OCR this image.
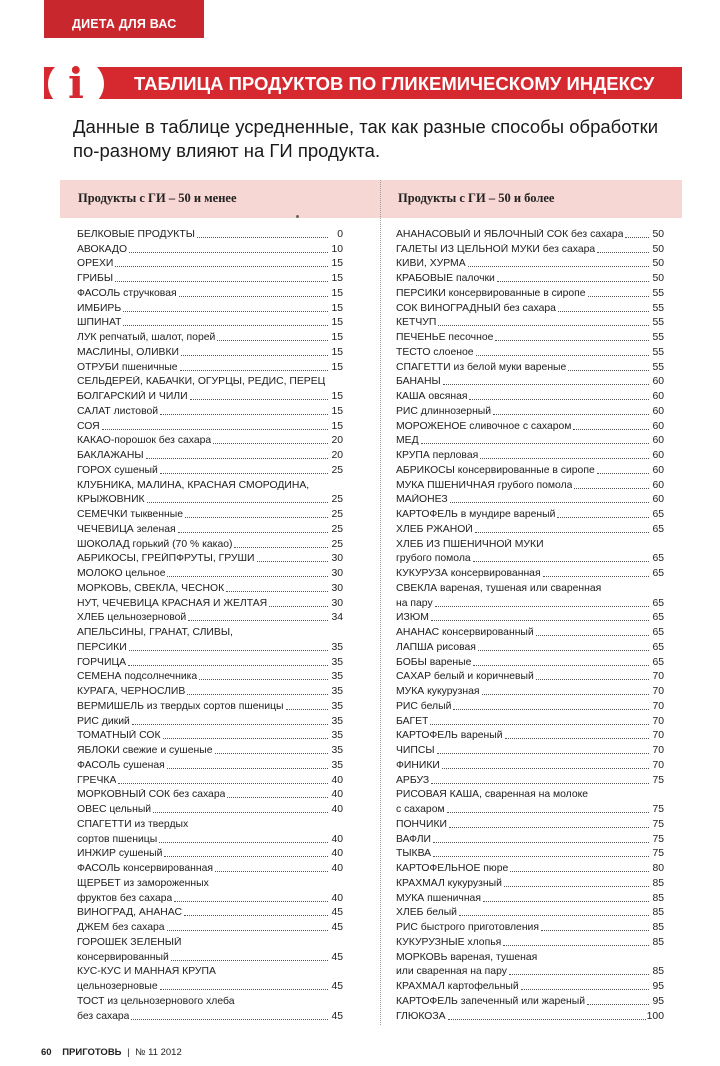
ДИЕТА ДЛЯ ВАС
i	ТАБЛИЦА ПРОДУКТОВ ПО ГЛИКЕМИЧЕСКОМУ ИНДЕКСУ
Данные в таблице усредненные, так как разные способы обработки по-разному влияют на ГИ продукта.
Продукты с ГИ – 50 и менее	Продукты с ГИ – 50 и более
БЕЛКОВЫЕ ПРОДУКТЫ	0
АВОКАДО	10
ОРЕХИ	15
ГРИБЫ	15
ФАСОЛЬ стручковая	15
ИМБИРЬ	15
ШПИНАТ	15
ЛУК репчатый, шалот, порей	15
МАСЛИНЫ, ОЛИВКИ	15
ОТРУБИ пшеничные	15
СЕЛЬДЕРЕЙ, КАБАЧКИ, ОГУРЦЫ, РЕДИС, ПЕРЕЦ
БОЛГАРСКИЙ И ЧИЛИ	15
САЛАТ листовой	15
СОЯ	15
КАКАО-порошок без сахара	20
БАКЛАЖАНЫ	20
ГОРОХ сушеный	25
КЛУБНИКА, МАЛИНА, КРАСНАЯ СМОРОДИНА,
КРЫЖОВНИК	25
СЕМЕЧКИ тыквенные	25
ЧЕЧЕВИЦА зеленая	25
ШОКОЛАД горький (70 % какао)	25
АБРИКОСЫ, ГРЕЙПФРУТЫ, ГРУШИ	30
МОЛОКО цельное	30
МОРКОВЬ, СВЕКЛА, ЧЕСНОК	30
НУТ, ЧЕЧЕВИЦА КРАСНАЯ И ЖЕЛТАЯ	30
ХЛЕБ цельнозерновой	34
АПЕЛЬСИНЫ, ГРАНАТ, СЛИВЫ,
ПЕРСИКИ	35
ГОРЧИЦА	35
СЕМЕНА подсолнечника	35
КУРАГА, ЧЕРНОСЛИВ	35
ВЕРМИШЕЛЬ из твердых сортов пшеницы	35
РИС дикий	35
ТОМАТНЫЙ СОК	35
ЯБЛОКИ свежие и сушеные	35
ФАСОЛЬ сушеная	35
ГРЕЧКА	40
МОРКОВНЫЙ СОК без сахара	40
ОВЕС цельный	40
СПАГЕТТИ из твердых
сортов пшеницы	40
ИНЖИР сушеный	40
ФАСОЛЬ консервированная	40
ЩЕРБЕТ из замороженных
фруктов без сахара	40
ВИНОГРАД, АНАНАС	45
ДЖЕМ без сахара	45
ГОРОШЕК ЗЕЛЕНЫЙ
консервированный	45
КУС-КУС И МАННАЯ КРУПА
цельнозерновые	45
ТОСТ из цельнозернового хлеба
без сахара	45
АНАНАСОВЫЙ И ЯБЛОЧНЫЙ СОК без сахара	50
ГАЛЕТЫ ИЗ ЦЕЛЬНОЙ МУКИ без сахара	50
КИВИ, ХУРМА	50
КРАБОВЫЕ палочки	50
ПЕРСИКИ консервированные в сиропе	55
СОК ВИНОГРАДНЫЙ без сахара	55
КЕТЧУП	55
ПЕЧЕНЬЕ песочное	55
ТЕСТО слоеное	55
СПАГЕТТИ из белой муки вареные	55
БАНАНЫ	60
КАША овсяная	60
РИС длиннозерный	60
МОРОЖЕНОЕ сливочное с сахаром	60
МЕД	60
КРУПА перловая	60
АБРИКОСЫ консервированные в сиропе	60
МУКА ПШЕНИЧНАЯ грубого помола	60
МАЙОНЕЗ	60
КАРТОФЕЛЬ в мундире вареный	65
ХЛЕБ РЖАНОЙ	65
ХЛЕБ ИЗ ПШЕНИЧНОЙ МУКИ
грубого помола	65
КУКУРУЗА консервированная	65
СВЕКЛА вареная, тушеная или сваренная
на пару	65
ИЗЮМ	65
АНАНАС консервированный	65
ЛАПША рисовая	65
БОБЫ вареные	65
САХАР белый и коричневый	70
МУКА кукурузная	70
РИС белый	70
БАГЕТ	70
КАРТОФЕЛЬ вареный	70
ЧИПСЫ	70
ФИНИКИ	70
АРБУЗ	75
РИСОВАЯ КАША, сваренная на молоке
с сахаром	75
ПОНЧИКИ	75
ВАФЛИ	75
ТЫКВА	75
КАРТОФЕЛЬНОЕ пюре	80
КРАХМАЛ кукурузный	85
МУКА пшеничная	85
ХЛЕБ белый	85
РИС быстрого приготовления	85
КУКУРУЗНЫЕ хлопья	85
МОРКОВЬ вареная, тушеная
или сваренная на пару	85
КРАХМАЛ картофельный	95
КАРТОФЕЛЬ запеченный или жареный	95
ГЛЮКОЗА	100
60 ПРИГОТОВЬ | № 11 2012
